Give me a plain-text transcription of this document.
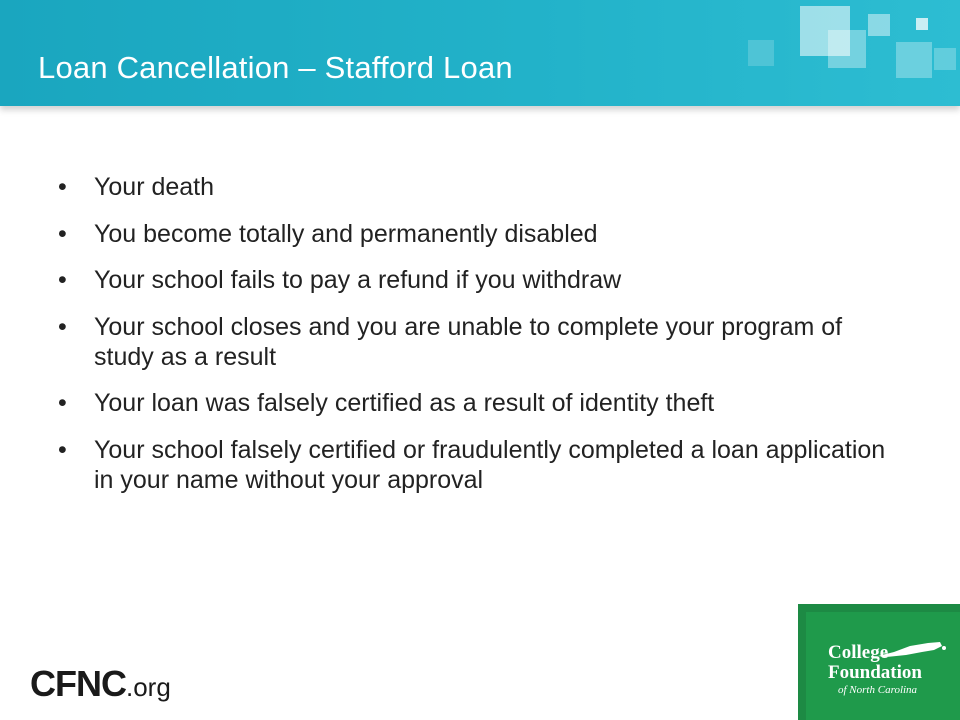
Loan Cancellation – Stafford Loan
•	Your death
•	You become totally and permanently disabled
•	Your school fails to pay a refund if you withdraw
•	Your school closes and you are unable to complete your program of study as a result
•	Your loan was falsely certified as a result of identity theft
•	Your school falsely certified or fraudulently completed a loan application in your name without your approval
CFNC.org
College
Foundation
of North Carolina
